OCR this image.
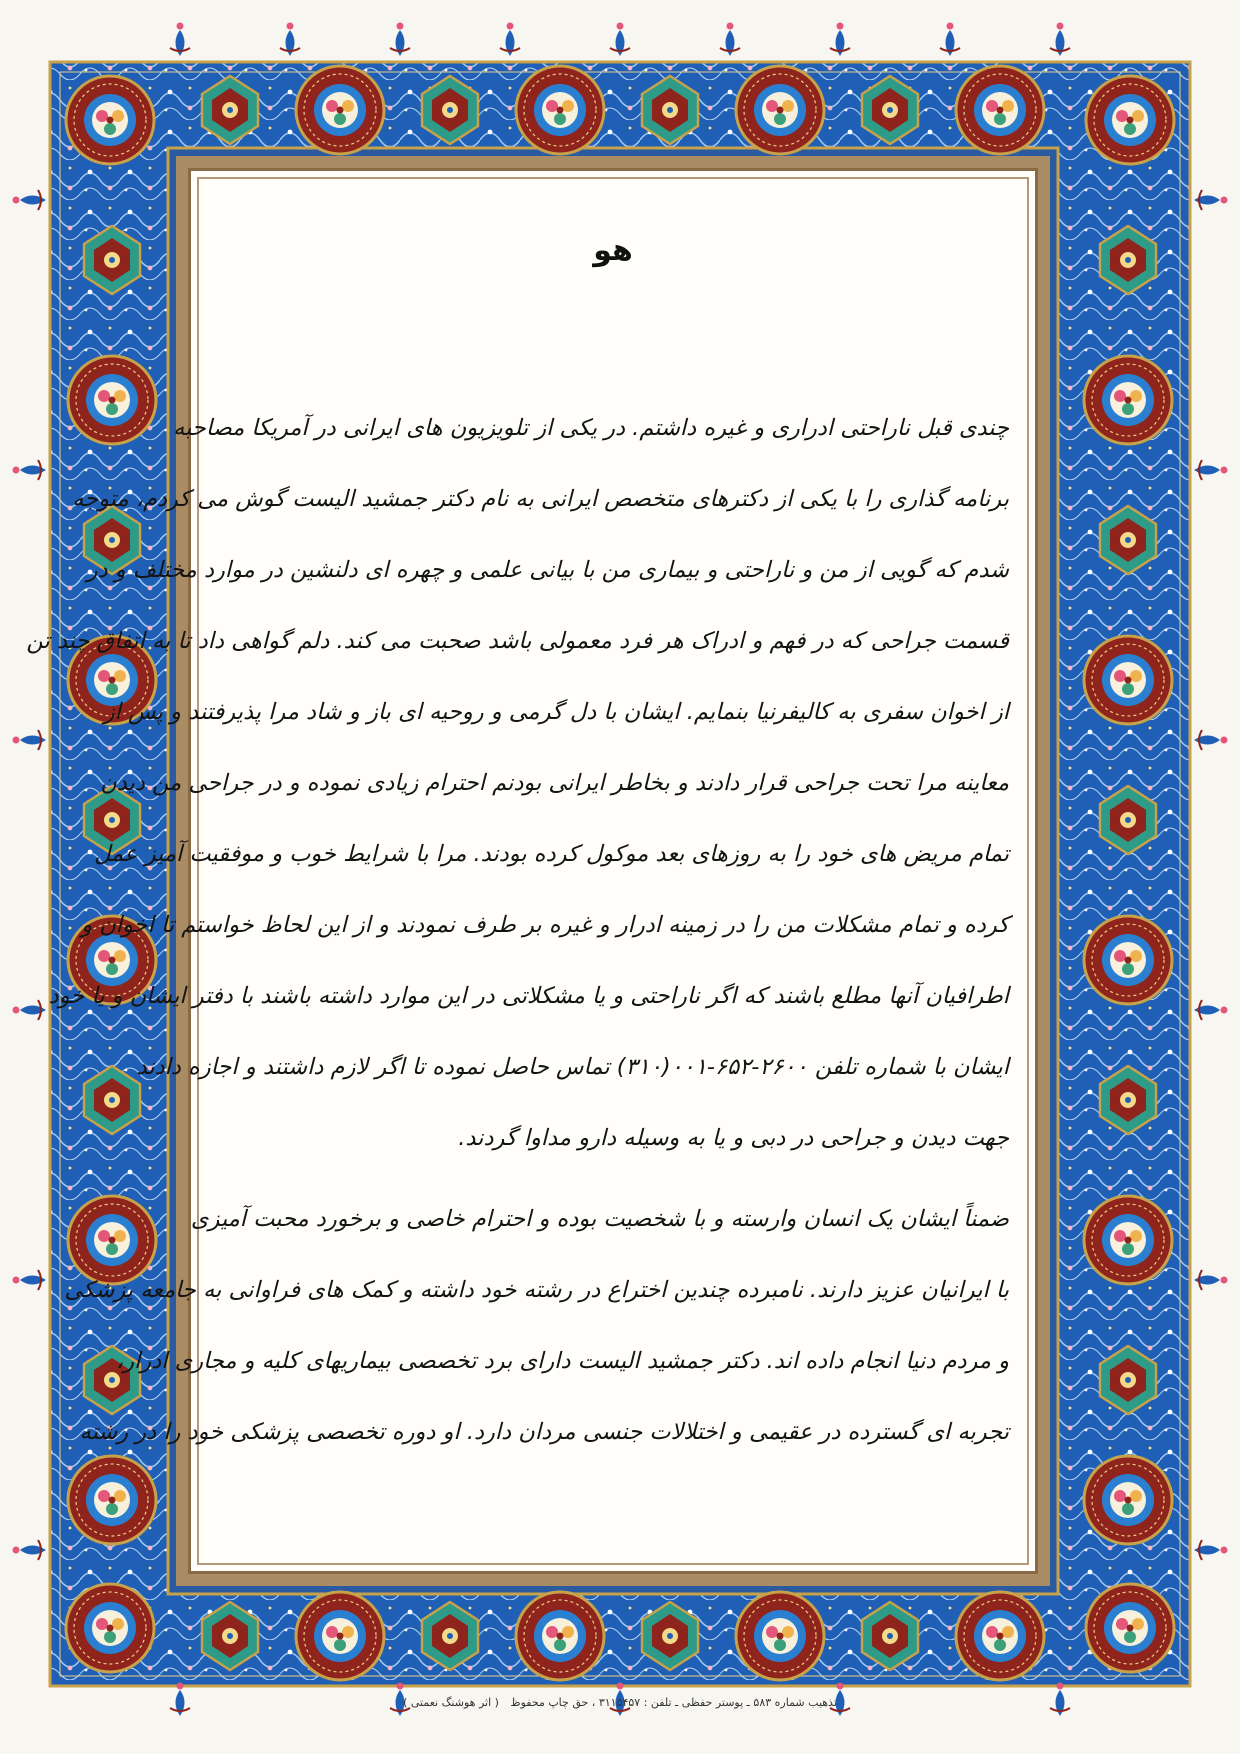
هو
چندی قبل ناراحتی ادراری و غیره داشتم. در یکی از تلویزیون های ایرانی در آمریکا مصاحبه
برنامه گذاری را با یکی از دکترهای متخصص ایرانی به نام دکتر جمشید الیست گوش می کردم، متوجه
شدم که گویی از من و ناراحتی و بیماری من با بیانی علمی و چهره ای دلنشین در موارد مختلف و در
قسمت جراحی که در فهم و ادراک هر فرد معمولی باشد صحبت می کند. دلم گواهی داد تا به اتفاق چند تن
از اخوان سفری به کالیفرنیا بنمایم. ایشان با دل گرمی و روحیه ای باز و شاد مرا پذیرفتند و پس از
معاینه مرا تحت جراحی قرار دادند و بخاطر ایرانی بودنم احترام زیادی نموده و در جراحی من دیدن
تمام مریض های خود را به روزهای بعد موکول کرده بودند. مرا با شرایط خوب و موفقیت آمیز عمل
کرده و تمام مشکلات من را در زمینه ادرار و غیره بر طرف نمودند و از این لحاظ خواستم تا اخوان و
اطرافیان آنها مطلع باشند که اگر ناراحتی و یا مشکلاتی در این موارد داشته باشند با دفتر ایشان و یا خود
ایشان با شماره تلفن ۲۶۰۰-۶۵۲-۰۰۱(۳۱۰) تماس حاصل نموده تا اگر لازم داشتند و اجازه دادند
جهت دیدن و جراحی در دبی و یا به وسیله دارو مداوا گردند.
ضمناً ایشان یک انسان وارسته و با شخصیت بوده و احترام خاصی و برخورد محبت آمیزی
با ایرانیان عزیز دارند. نامبرده چندین اختراع در رشته خود داشته و کمک های فراوانی به جامعه پزشکی
و مردم دنیا انجام داده اند. دکتر جمشید الیست دارای برد تخصصی بیماریهای کلیه و مجاری ادرار،
تجربه ای گسترده در عقیمی و اختلالات جنسی مردان دارد. او دوره تخصصی پزشکی خود را در رشته
تذهیب شماره ۵۸۳ ـ پوستر حفظی ـ تلفن : ۳۱۱۵۴۵۷ ، حق چاپ محفوظ ( اثر هوشنگ نعمتی )
